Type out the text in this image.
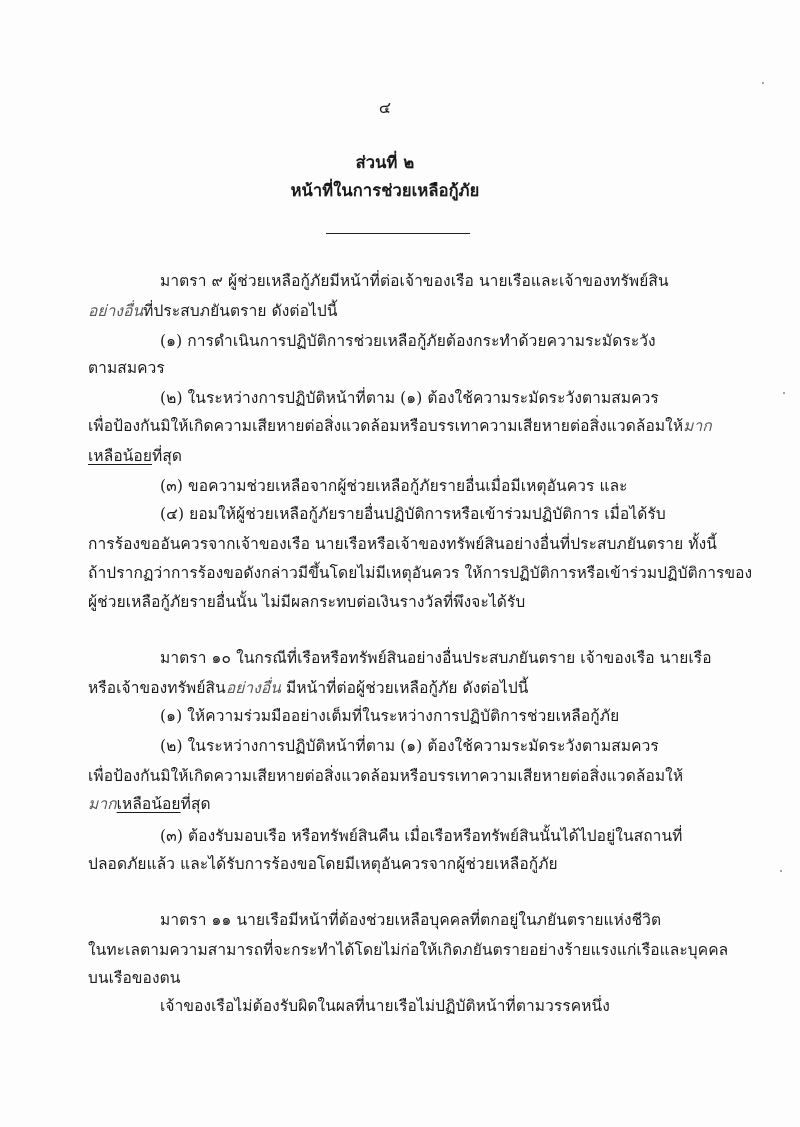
๔
ส่วนที่ ๒
หน้าที่ในการช่วยเหลือกู้ภัย
มาตรา ๙ ผู้ช่วยเหลือกู้ภัยมีหน้าที่ต่อเจ้าของเรือ นายเรือและเจ้าของทรัพย์สิน
อย่างอื่นที่ประสบภยันตราย ดังต่อไปนี้
(๑) การดำเนินการปฏิบัติการช่วยเหลือกู้ภัยต้องกระทำด้วยความระมัดระวัง
ตามสมควร
(๒) ในระหว่างการปฏิบัติหน้าที่ตาม (๑) ต้องใช้ความระมัดระวังตามสมควร
เพื่อป้องกันมิให้เกิดความเสียหายต่อสิ่งแวดล้อมหรือบรรเทาความเสียหายต่อสิ่งแวดล้อมให้มาก
เหลือน้อยที่สุด
(๓) ขอความช่วยเหลือจากผู้ช่วยเหลือกู้ภัยรายอื่นเมื่อมีเหตุอันควร และ
(๔) ยอมให้ผู้ช่วยเหลือกู้ภัยรายอื่นปฏิบัติการหรือเข้าร่วมปฏิบัติการ เมื่อได้รับ
การร้องขออันควรจากเจ้าของเรือ นายเรือหรือเจ้าของทรัพย์สินอย่างอื่นที่ประสบภยันตราย ทั้งนี้
ถ้าปรากฏว่าการร้องขอดังกล่าวมีขึ้นโดยไม่มีเหตุอันควร ให้การปฏิบัติการหรือเข้าร่วมปฏิบัติการของ
ผู้ช่วยเหลือกู้ภัยรายอื่นนั้น ไม่มีผลกระทบต่อเงินรางวัลที่พึงจะได้รับ
มาตรา ๑๐ ในกรณีที่เรือหรือทรัพย์สินอย่างอื่นประสบภยันตราย เจ้าของเรือ นายเรือ
หรือเจ้าของทรัพย์สินอย่างอื่น มีหน้าที่ต่อผู้ช่วยเหลือกู้ภัย ดังต่อไปนี้
(๑) ให้ความร่วมมืออย่างเต็มที่ในระหว่างการปฏิบัติการช่วยเหลือกู้ภัย
(๒) ในระหว่างการปฏิบัติหน้าที่ตาม (๑) ต้องใช้ความระมัดระวังตามสมควร
เพื่อป้องกันมิให้เกิดความเสียหายต่อสิ่งแวดล้อมหรือบรรเทาความเสียหายต่อสิ่งแวดล้อมให้
มากเหลือน้อยที่สุด
(๓) ต้องรับมอบเรือ หรือทรัพย์สินคืน เมื่อเรือหรือทรัพย์สินนั้นได้ไปอยู่ในสถานที่
ปลอดภัยแล้ว และได้รับการร้องขอโดยมีเหตุอันควรจากผู้ช่วยเหลือกู้ภัย
มาตรา ๑๑ นายเรือมีหน้าที่ต้องช่วยเหลือบุคคลที่ตกอยู่ในภยันตรายแห่งชีวิต
ในทะเลตามความสามารถที่จะกระทำได้โดยไม่ก่อให้เกิดภยันตรายอย่างร้ายแรงแก่เรือและบุคคล
บนเรือของตน
เจ้าของเรือไม่ต้องรับผิดในผลที่นายเรือไม่ปฏิบัติหน้าที่ตามวรรคหนึ่ง
